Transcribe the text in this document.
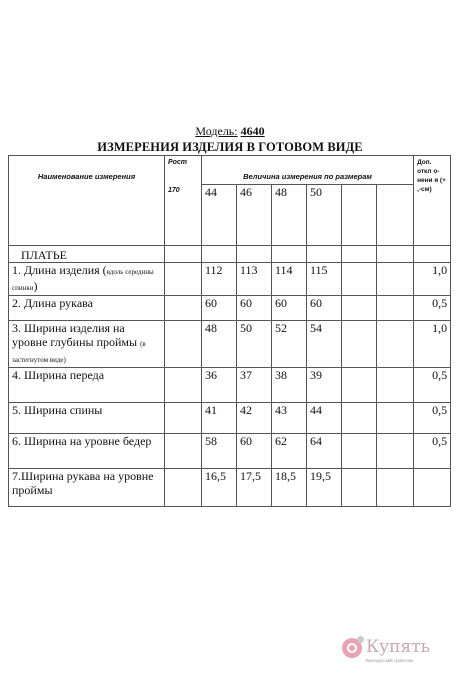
Модель: 4640
ИЗМЕРЕНИЯ ИЗДЕЛИЯ В ГОТОВОМ ВИДЕ
Наименование измерения	Рост
170	Величина измерения по размерам						Доп. откл о- нени я (+ ,-см)
		44	46	48	50			
ПЛАТЬЕ								
1. Длина изделия (вдоль середины спинки)		112	113	114	115			1,0
2. Длина рукава		60	60	60	60			0,5
3. Ширина изделия на уровне глубины проймы (в застегнутом виде)		48	50	52	54			1,0
4. Ширина переда		36	37	38	39			0,5
5. Ширина спины		41	42	43	44			0,5
6. Ширина на уровне бедер		58	60	62	64			0,5
7.Ширина рукава на уровне проймы		16,5	17,5	18,5	19,5			
Купять
Белорусский трикотаж
